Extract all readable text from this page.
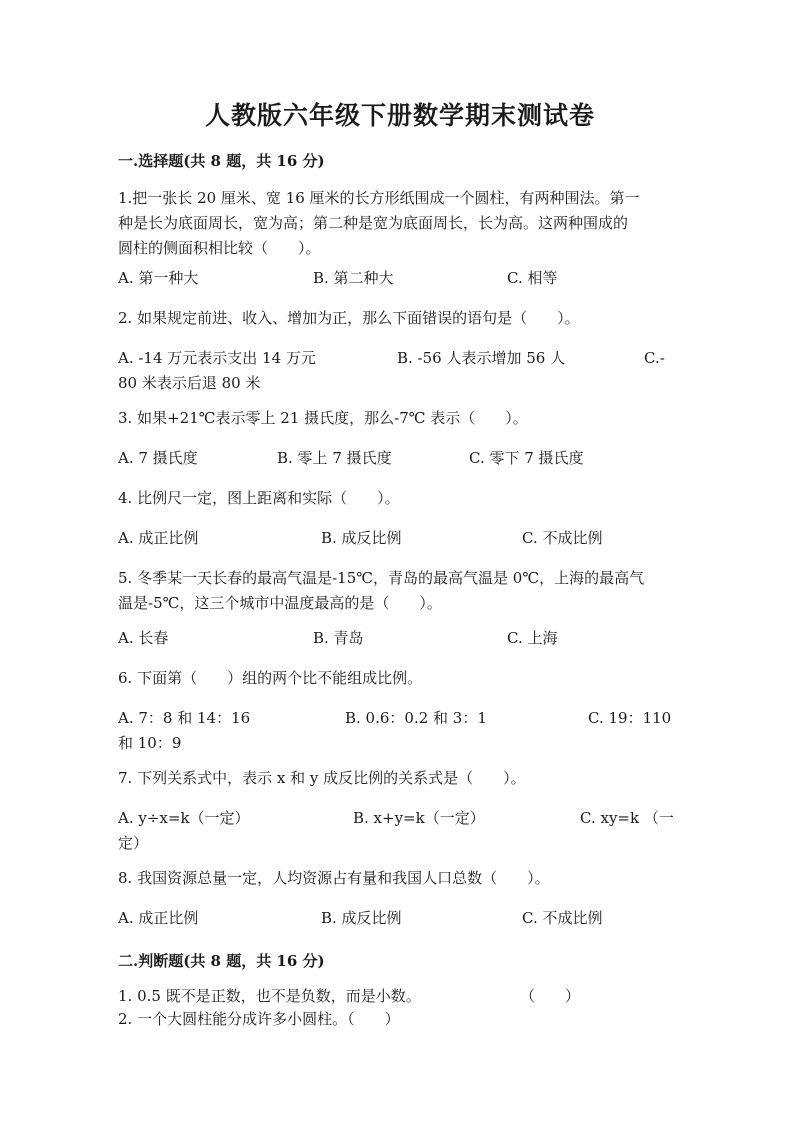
人教版六年级下册数学期末测试卷
一.选择题(共 8 题，共 16 分)
1.把一张长 20 厘米、宽 16 厘米的长方形纸围成一个圆柱，有两种围法。第一
种是长为底面周长，宽为高；第二种是宽为底面周长，长为高。这两种围成的
圆柱的侧面积相比较（　　）。
A. 第一种大	B. 第二种大	C. 相等
2. 如果规定前进、收入、增加为正，那么下面错误的语句是（　　）。
A. -14 万元表示支出 14 万元	B. -56 人表示增加 56 人	C.-
80 米表示后退 80 米
3. 如果+21℃表示零上 21 摄氏度，那么-7℃ 表示（　　）。
A. 7 摄氏度	B. 零上 7 摄氏度	C. 零下 7 摄氏度
4. 比例尺一定，图上距离和实际（　　）。
A. 成正比例	B. 成反比例	C. 不成比例
5. 冬季某一天长春的最高气温是-15℃，青岛的最高气温是 0℃，上海的最高气
温是-5℃，这三个城市中温度最高的是（　　）。
A. 长春	B. 青岛	C. 上海
6. 下面第（　　）组的两个比不能组成比例。
A. 7：8 和 14：16	B. 0.6：0.2 和 3：1	C. 19：110
和 10：9
7. 下列关系式中，表示 x 和 y 成反比例的关系式是（　　）。
A. y÷x=k（一定）	B. x+y=k（一定）	C. xy=k （一
定）
8. 我国资源总量一定，人均资源占有量和我国人口总数（　　）。
A. 成正比例	B. 成反比例	C. 不成比例
二.判断题(共 8 题，共 16 分)
1. 0.5 既不是正数，也不是负数，而是小数。	（　　）
2. 一个大圆柱能分成许多小圆柱。（　　）
